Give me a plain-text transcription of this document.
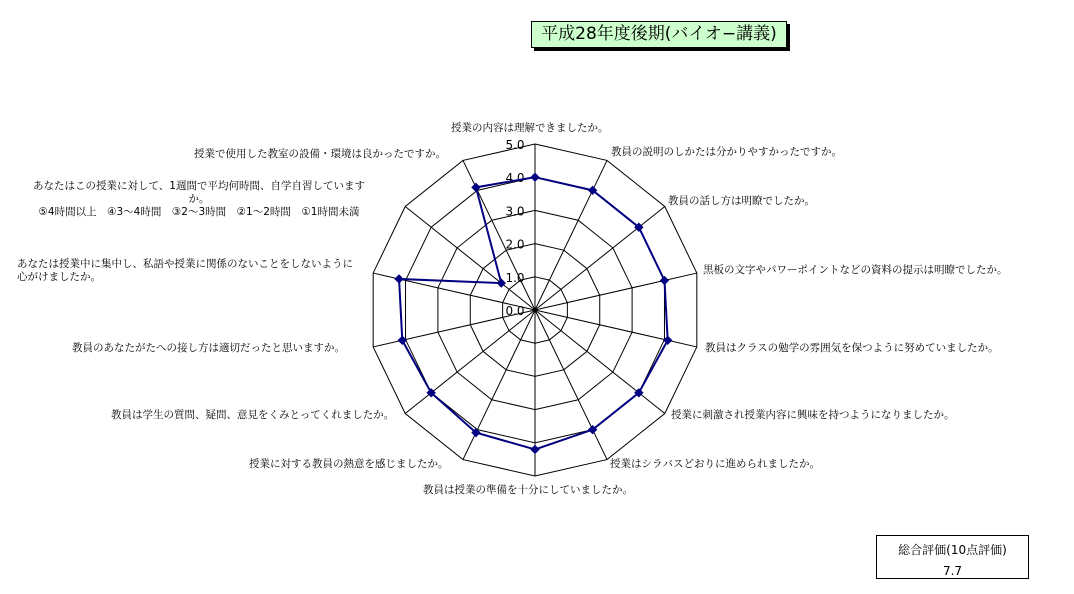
平成28年度後期(バイオ−講義)
0.0
1.0
2.0
3.0
4.0
5.0
授業の内容は理解できましたか。
教員の説明のしかたは分かりやすかったですか。
教員の話し方は明瞭でしたか。
黒板の文字やパワーポイントなどの資料の提示は明瞭でしたか。
教員はクラスの勉学の雰囲気を保つように努めていましたか。
授業に刺激され授業内容に興味を持つようになりましたか。
授業はシラバスどおりに進められましたか。
教員は授業の準備を十分にしていましたか。
授業に対する教員の熱意を感じましたか。
教員は学生の質問、疑問、意見をくみとってくれましたか。
教員のあなたがたへの接し方は適切だったと思いますか。
あなたは授業中に集中し、私語や授業に関係のないことをしないように
心がけましたか。
あなたはこの授業に対して、1週間で平均何時間、自学自習しています
か。
⑤4時間以上　④3〜4時間　③2〜3時間　②1〜2時間　①1時間未満
授業で使用した教室の設備・環境は良かったですか。
総合評価(10点評価)
7.7
